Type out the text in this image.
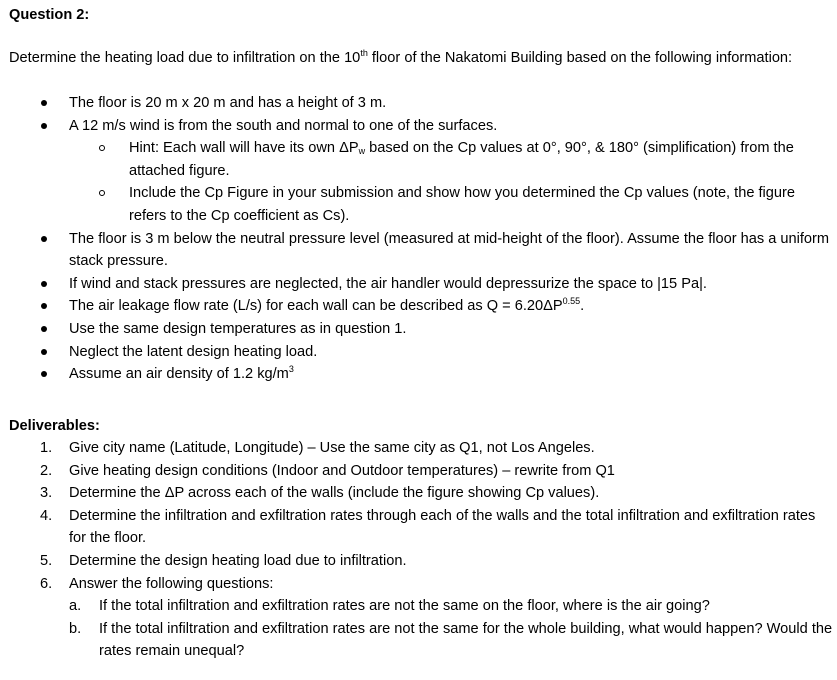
Question 2:

Determine the heating load due to infiltration on the 10th floor of the Nakatomi Building based on the following information:

The floor is 20 m x 20 m and has a height of 3 m.
A 12 m/s wind is from the south and normal to one of the surfaces.
Hint: Each wall will have its own $\Delta P_w$ based on the Cp values at 0°, 90°, & 180° (simplification) from the attached figure.
Include the Cp Figure in your submission and show how you determined the Cp values (note, the figure refers to the Cp coefficient as Cs).
The floor is 3 m below the neutral pressure level (measured at mid-height of the floor). Assume the floor has a uniform stack pressure.
If wind and stack pressures are neglected, the air handler would depressurize the space to |15 Pa|.
The air leakage flow rate (L/s) for each wall can be described as $Q = 6.20\Delta P^{0.55}$.
Use the same design temperatures as in question 1.
Neglect the latent design heating load.
Assume an air density of 1.2 $kg/m^3$

Deliverables:

1. Give city name (Latitude, Longitude) – Use the same city as Q1, not Los Angeles.
2. Give heating design conditions (Indoor and Outdoor temperatures) – rewrite from Q1
3. Determine the ΔP across each of the walls (include the figure showing Cp values).
4. Determine the infiltration and exfiltration rates through each of the walls and the total infiltration and exfiltration rates for the floor.
5. Determine the design heating load due to infiltration.
6. Answer the following questions:
a. If the total infiltration and exfiltration rates are not the same on the floor, where is the air going?
b. If the total infiltration and exfiltration rates are not the same for the whole building, what would happen? Would the rates remain unequal?
